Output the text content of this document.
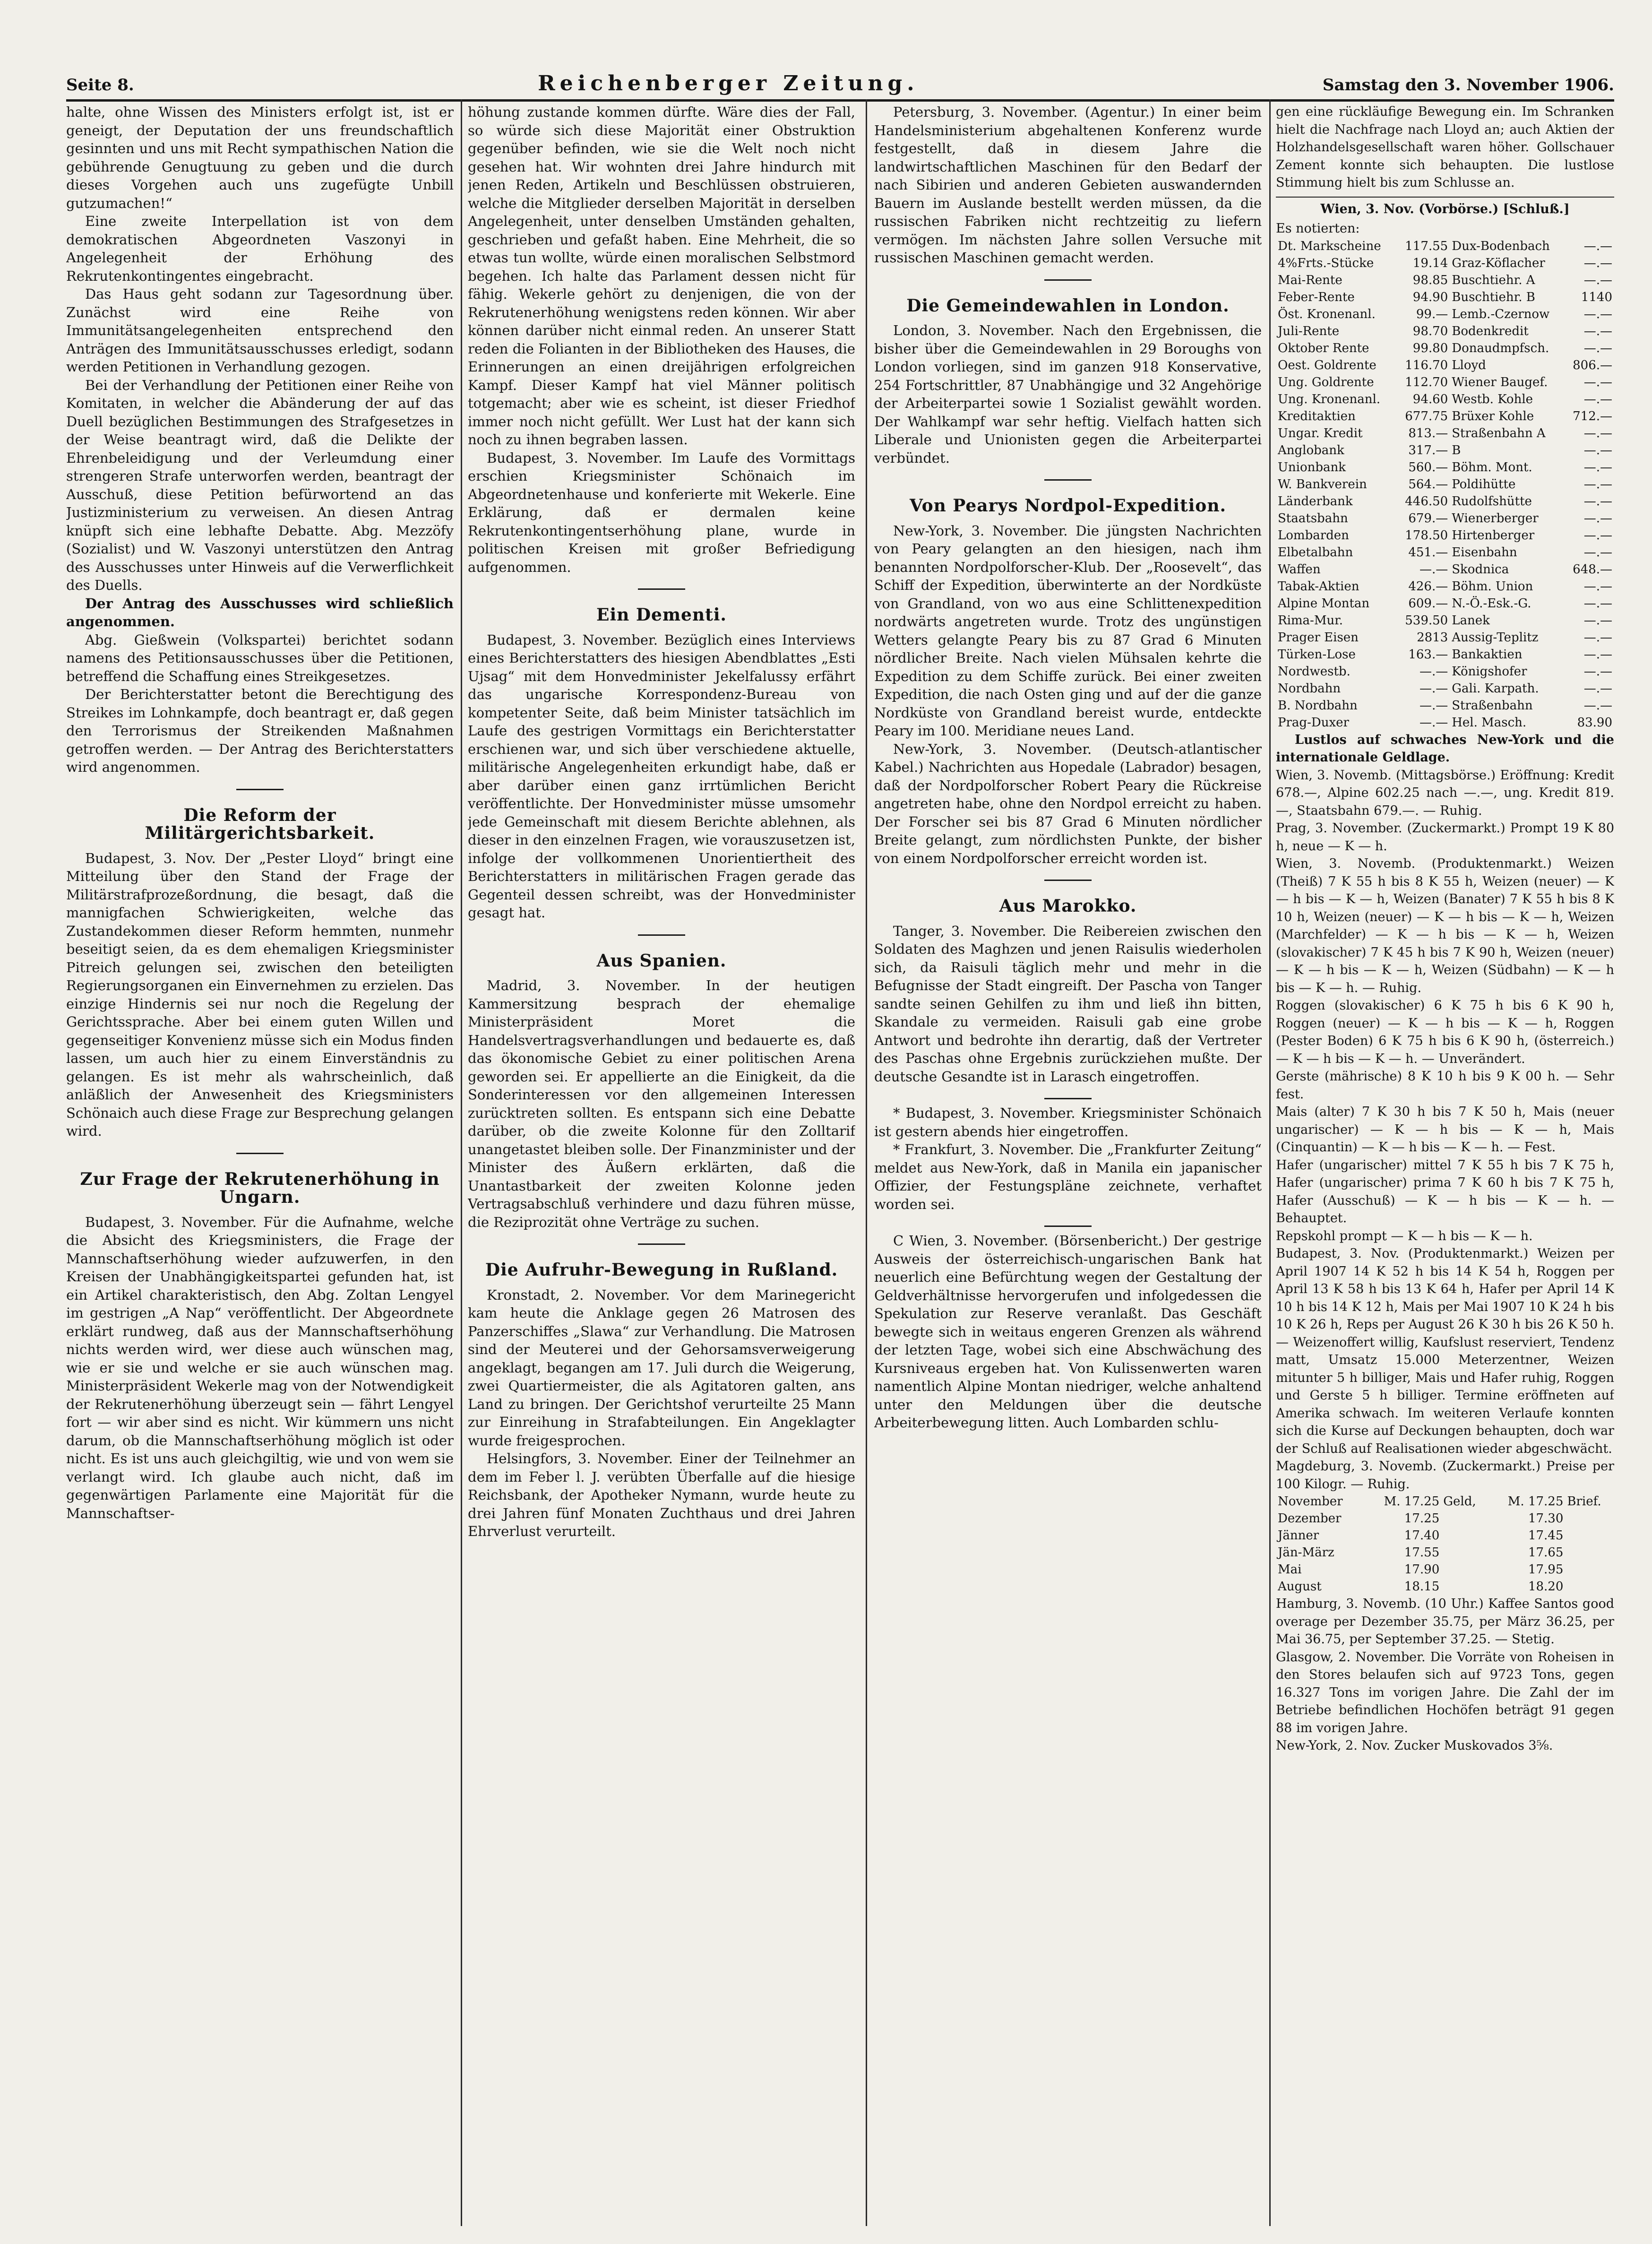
Seite 8.	Reichenberger Zeitung.	Samstag den 3. November 1906.

halte, ohne Wissen des Ministers erfolgt ist, ist er geneigt, der Deputation der uns freundschaftlich gesinnten und uns mit Recht sympathischen Nation die gebührende Genugtuung zu geben und die durch dieses Vorgehen auch uns zugefügte Unbill gutzumachen!“

Eine zweite Interpellation ist von dem demokratischen Abgeordneten Vaszonyi in Angelegenheit der Erhöhung des Rekrutenkontingentes eingebracht.

Das Haus geht sodann zur Tagesordnung über. Zunächst wird eine Reihe von Immunitätsangelegenheiten entsprechend den Anträgen des Immunitätsausschusses erledigt, sodann werden Petitionen in Verhandlung gezogen.

Bei der Verhandlung der Petitionen einer Reihe von Komitaten, in welcher die Abänderung der auf das Duell bezüglichen Bestimmungen des Strafgesetzes in der Weise beantragt wird, daß die Delikte der Ehrenbeleidigung und der Verleumdung einer strengeren Strafe unterworfen werden, beantragt der Ausschuß, diese Petition befürwortend an das Justizministerium zu verweisen. An diesen Antrag knüpft sich eine lebhafte Debatte. Abg. Mezzöfy (Sozialist) und W. Vaszonyi unterstützen den Antrag des Ausschusses unter Hinweis auf die Verwerflichkeit des Duells.

Der Antrag des Ausschusses wird schließlich angenommen.

Abg. Gießwein (Volkspartei) berichtet sodann namens des Petitionsausschusses über die Petitionen, betreffend die Schaffung eines Streikgesetzes.

Der Berichterstatter betont die Berechtigung des Streikes im Lohnkampfe, doch beantragt er, daß gegen den Terrorismus der Streikenden Maßnahmen getroffen werden. — Der Antrag des Berichterstatters wird angenommen.

Die Reform der Militärgerichtsbarkeit.

Budapest, 3. Nov. Der „Pester Lloyd“ bringt eine Mitteilung über den Stand der Frage der Militärstrafprozeßordnung, die besagt, daß die mannigfachen Schwierigkeiten, welche das Zustandekommen dieser Reform hemmten, nunmehr beseitigt seien, da es dem ehemaligen Kriegsminister Pitreich gelungen sei, zwischen den beteiligten Regierungsorganen ein Einvernehmen zu erzielen. Das einzige Hindernis sei nur noch die Regelung der Gerichtssprache. Aber bei einem guten Willen und gegenseitiger Konvenienz müsse sich ein Modus finden lassen, um auch hier zu einem Einverständnis zu gelangen. Es ist mehr als wahrscheinlich, daß anläßlich der Anwesenheit des Kriegsministers Schönaich auch diese Frage zur Besprechung gelangen wird.

Zur Frage der Rekrutenerhöhung in Ungarn.

Budapest, 3. November. Für die Aufnahme, welche die Absicht des Kriegsministers, die Frage der Mannschaftserhöhung wieder aufzuwerfen, in den Kreisen der Unabhängigkeitspartei gefunden hat, ist ein Artikel charakteristisch, den Abg. Zoltan Lengyel im gestrigen „A Nap“ veröffentlicht. Der Abgeordnete erklärt rundweg, daß aus der Mannschaftserhöhung nichts werden wird, wer diese auch wünschen mag, wie er sie und welche er sie auch wünschen mag. Ministerpräsident Wekerle mag von der Notwendigkeit der Rekrutenerhöhung überzeugt sein — fährt Lengyel fort — wir aber sind es nicht. Wir kümmern uns nicht darum, ob die Mannschaftserhöhung möglich ist oder nicht. Es ist uns auch gleichgiltig, wie und von wem sie verlangt wird. Ich glaube auch nicht, daß im gegenwärtigen Parlamente eine Majorität für die Mannschaftser-

höhung zustande kommen dürfte. Wäre dies der Fall, so würde sich diese Majorität einer Obstruktion gegenüber befinden, wie sie die Welt noch nicht gesehen hat. Wir wohnten drei Jahre hindurch mit jenen Reden, Artikeln und Beschlüssen obstruieren, welche die Mitglieder derselben Majorität in derselben Angelegenheit, unter denselben Umständen gehalten, geschrieben und gefaßt haben. Eine Mehrheit, die so etwas tun wollte, würde einen moralischen Selbstmord begehen. Ich halte das Parlament dessen nicht für fähig. Wekerle gehört zu denjenigen, die von der Rekrutenerhöhung wenigstens reden können. Wir aber können darüber nicht einmal reden. An unserer Statt reden die Folianten in der Bibliotheken des Hauses, die Erinnerungen an einen dreijährigen erfolgreichen Kampf. Dieser Kampf hat viel Männer politisch totgemacht; aber wie es scheint, ist dieser Friedhof immer noch nicht gefüllt. Wer Lust hat der kann sich noch zu ihnen begraben lassen.

Budapest, 3. November. Im Laufe des Vormittags erschien Kriegsminister Schönaich im Abgeordnetenhause und konferierte mit Wekerle. Eine Erklärung, daß er dermalen keine Rekrutenkontingentserhöhung plane, wurde in politischen Kreisen mit großer Befriedigung aufgenommen.

Ein Dementi.

Budapest, 3. November. Bezüglich eines Interviews eines Berichterstatters des hiesigen Abendblattes „Esti Ujsag“ mit dem Honvedminister Jekelfalussy erfährt das ungarische Korrespondenz-Bureau von kompetenter Seite, daß beim Minister tatsächlich im Laufe des gestrigen Vormittags ein Berichterstatter erschienen war, und sich über verschiedene aktuelle, militärische Angelegenheiten erkundigt habe, daß er aber darüber einen ganz irrtümlichen Bericht veröffentlichte. Der Honvedminister müsse umsomehr jede Gemeinschaft mit diesem Berichte ablehnen, als dieser in den einzelnen Fragen, wie vorauszusetzen ist, infolge der vollkommenen Unorientiertheit des Berichterstatters in militärischen Fragen gerade das Gegenteil dessen schreibt, was der Honvedminister gesagt hat.

Aus Spanien.

Madrid, 3. November. In der heutigen Kammersitzung besprach der ehemalige Ministerpräsident Moret die Handelsvertragsverhandlungen und bedauerte es, daß das ökonomische Gebiet zu einer politischen Arena geworden sei. Er appellierte an die Einigkeit, da die Sonderinteressen vor den allgemeinen Interessen zurücktreten sollten. Es entspann sich eine Debatte darüber, ob die zweite Kolonne für den Zolltarif unangetastet bleiben solle. Der Finanzminister und der Minister des Äußern erklärten, daß die Unantastbarkeit der zweiten Kolonne jeden Vertragsabschluß verhindere und dazu führen müsse, die Reziprozität ohne Verträge zu suchen.

Die Aufruhr-Bewegung in Rußland.

Kronstadt, 2. November. Vor dem Marinegericht kam heute die Anklage gegen 26 Matrosen des Panzerschiffes „Slawa“ zur Verhandlung. Die Matrosen sind der Meuterei und der Gehorsamsverweigerung angeklagt, begangen am 17. Juli durch die Weigerung, zwei Quartiermeister, die als Agitatoren galten, ans Land zu bringen. Der Gerichtshof verurteilte 25 Mann zur Einreihung in Strafabteilungen. Ein Angeklagter wurde freigesprochen.

Helsingfors, 3. November. Einer der Teilnehmer an dem im Feber l. J. verübten Überfalle auf die hiesige Reichsbank, der Apotheker Nymann, wurde heute zu drei Jahren fünf Monaten Zuchthaus und drei Jahren Ehrverlust verurteilt.

Petersburg, 3. November. (Agentur.) In einer beim Handelsministerium abgehaltenen Konferenz wurde festgestellt, daß in diesem Jahre die landwirtschaftlichen Maschinen für den Bedarf der nach Sibirien und anderen Gebieten auswandernden Bauern im Auslande bestellt werden müssen, da die russischen Fabriken nicht rechtzeitig zu liefern vermögen. Im nächsten Jahre sollen Versuche mit russischen Maschinen gemacht werden.

Die Gemeindewahlen in London.

London, 3. November. Nach den Ergebnissen, die bisher über die Gemeindewahlen in 29 Boroughs von London vorliegen, sind im ganzen 918 Konservative, 254 Fortschrittler, 87 Unabhängige und 32 Angehörige der Arbeiterpartei sowie 1 Sozialist gewählt worden. Der Wahlkampf war sehr heftig. Vielfach hatten sich Liberale und Unionisten gegen die Arbeiterpartei verbündet.

Von Pearys Nordpol-Expedition.

New-York, 3. November. Die jüngsten Nachrichten von Peary gelangten an den hiesigen, nach ihm benannten Nordpolforscher-Klub. Der „Roosevelt“, das Schiff der Expedition, überwinterte an der Nordküste von Grandland, von wo aus eine Schlittenexpedition nordwärts angetreten wurde. Trotz des ungünstigen Wetters gelangte Peary bis zu 87 Grad 6 Minuten nördlicher Breite. Nach vielen Mühsalen kehrte die Expedition zu dem Schiffe zurück. Bei einer zweiten Expedition, die nach Osten ging und auf der die ganze Nordküste von Grandland bereist wurde, entdeckte Peary im 100. Meridiane neues Land.

New-York, 3. November. (Deutsch-atlantischer Kabel.) Nachrichten aus Hopedale (Labrador) besagen, daß der Nordpolforscher Robert Peary die Rückreise angetreten habe, ohne den Nordpol erreicht zu haben. Der Forscher sei bis 87 Grad 6 Minuten nördlicher Breite gelangt, zum nördlichsten Punkte, der bisher von einem Nordpolforscher erreicht worden ist.

Aus Marokko.

Tanger, 3. November. Die Reibereien zwischen den Soldaten des Maghzen und jenen Raisulis wiederholen sich, da Raisuli täglich mehr und mehr in die Befugnisse der Stadt eingreift. Der Pascha von Tanger sandte seinen Gehilfen zu ihm und ließ ihn bitten, Skandale zu vermeiden. Raisuli gab eine grobe Antwort und bedrohte ihn derartig, daß der Vertreter des Paschas ohne Ergebnis zurückziehen mußte. Der deutsche Gesandte ist in Larasch eingetroffen.

* Budapest, 3. November. Kriegsminister Schönaich ist gestern abends hier eingetroffen.

* Frankfurt, 3. November. Die „Frankfurter Zeitung“ meldet aus New-York, daß in Manila ein japanischer Offizier, der Festungspläne zeichnete, verhaftet worden sei.

C Wien, 3. November. (Börsenbericht.) Der gestrige Ausweis der österreichisch-ungarischen Bank hat neuerlich eine Befürchtung wegen der Gestaltung der Geldverhältnisse hervorgerufen und infolgedessen die Spekulation zur Reserve veranlaßt. Das Geschäft bewegte sich in weitaus engeren Grenzen als während der letzten Tage, wobei sich eine Abschwächung des Kursniveaus ergeben hat. Von Kulissenwerten waren namentlich Alpine Montan niedriger, welche anhaltend unter den Meldungen über die deutsche Arbeiterbewegung litten. Auch Lombarden schlu-

gen eine rückläufige Bewegung ein. Im Schranken hielt die Nachfrage nach Lloyd an; auch Aktien der Holzhandelsgesellschaft waren höher. Gollschauer Zement konnte sich behaupten. Die lustlose Stimmung hielt bis zum Schlusse an.

Wien, 3. Nov. (Vorbörse.) [Schluß.]

Es notierten:

Dt. Markscheine	117.55	Dux-Bodenbach	—.—
4%Frts.-Stücke	19.14	Graz-Köflacher	—.—
Mai-Rente	98.85	Buschtiehr. A	—.—
Feber-Rente	94.90	Buschtiehr. B	1140
Öst. Kronenanl.	99.—	Lemb.-Czernow	—.—
Juli-Rente	98.70	Bodenkredit	—.—
Oktober Rente	99.80	Donaudmpfsch.	—.—
Oest. Goldrente	116.70	Lloyd	806.—
Ung. Goldrente	112.70	Wiener Baugef.	—.—
Ung. Kronenanl.	94.60	Westb. Kohle	—.—
Kreditaktien	677.75	Brüxer Kohle	712.—
Ungar. Kredit	813.—	Straßenbahn A	—.—
Anglobank	317.—	B	—.—
Unionbank	560.—	Böhm. Mont.	—.—
W. Bankverein	564.—	Poldihütte	—.—
Länderbank	446.50	Rudolfshütte	—.—
Staatsbahn	679.—	Wienerberger	—.—
Lombarden	178.50	Hirtenberger	—.—
Elbetalbahn	451.—	Eisenbahn	—.—
Waffen	—.—	Skodnica	648.—
Tabak-Aktien	426.—	Böhm. Union	—.—
Alpine Montan	609.—	N.-Ö.-Esk.-G.	—.—
Rima-Mur.	539.50	Lanek	—.—
Prager Eisen	2813	Aussig-Teplitz	—.—
Türken-Lose	163.—	Bankaktien	—.—
Nordwestb.	—.—	Königshofer	—.—
Nordbahn	—.—	Gali. Karpath.	—.—
B. Nordbahn	—.—	Straßenbahn	—.—
Prag-Duxer	—.—	Hel. Masch.	83.90

Lustlos auf schwaches New-York und die internationale Geldlage.

Wien, 3. Novemb. (Mittagsbörse.) Eröffnung: Kredit 678.—, Alpine 602.25 nach —.—, ung. Kredit 819.—, Staatsbahn 679.—. — Ruhig.

Prag, 3. November. (Zuckermarkt.) Prompt 19 K 80 h, neue — K — h.

Wien, 3. Novemb. (Produktenmarkt.) Weizen (Theiß) 7 K 55 h bis 8 K 55 h, Weizen (neuer) — K — h bis — K — h, Weizen (Banater) 7 K 55 h bis 8 K 10 h, Weizen (neuer) — K — h bis — K — h, Weizen (Marchfelder) — K — h bis — K — h, Weizen (slovakischer) 7 K 45 h bis 7 K 90 h, Weizen (neuer) — K — h bis — K — h, Weizen (Südbahn) — K — h bis — K — h. — Ruhig.

Roggen (slovakischer) 6 K 75 h bis 6 K 90 h, Roggen (neuer) — K — h bis — K — h, Roggen (Pester Boden) 6 K 75 h bis 6 K 90 h, (österreich.) — K — h bis — K — h. — Unverändert.

Gerste (mährische) 8 K 10 h bis 9 K 00 h. — Sehr fest.

Mais (alter) 7 K 30 h bis 7 K 50 h, Mais (neuer ungarischer) — K — h bis — K — h, Mais (Cinquantin) — K — h bis — K — h. — Fest.

Hafer (ungarischer) mittel 7 K 55 h bis 7 K 75 h, Hafer (ungarischer) prima 7 K 60 h bis 7 K 75 h, Hafer (Ausschuß) — K — h bis — K — h. — Behauptet.

Repskohl prompt — K — h bis — K — h.

Budapest, 3. Nov. (Produktenmarkt.) Weizen per April 1907 14 K 52 h bis 14 K 54 h, Roggen per April 13 K 58 h bis 13 K 64 h, Hafer per April 14 K 10 h bis 14 K 12 h, Mais per Mai 1907 10 K 24 h bis 10 K 26 h, Reps per August 26 K 30 h bis 26 K 50 h. — Weizenoffert willig, Kaufslust reserviert, Tendenz matt, Umsatz 15.000 Meterzentner, Weizen mitunter 5 h billiger, Mais und Hafer ruhig, Roggen und Gerste 5 h billiger. Termine eröffneten auf Amerika schwach. Im weiteren Verlaufe konnten sich die Kurse auf Deckungen behaupten, doch war der Schluß auf Realisationen wieder abgeschwächt.

Magdeburg, 3. Novemb. (Zuckermarkt.) Preise per 100 Kilogr. — Ruhig.

November	M. 17.25	Geld,	M. 17.25	Brief.
Dezember	17.25		17.30	
Jänner	17.40		17.45	
Jän-März	17.55		17.65	
Mai	17.90		17.95	
August	18.15		18.20	

Hamburg, 3. Novemb. (10 Uhr.) Kaffee Santos good overage per Dezember 35.75, per März 36.25, per Mai 36.75, per September 37.25. — Stetig.

Glasgow, 2. November. Die Vorräte von Roheisen in den Stores belaufen sich auf 9723 Tons, gegen 16.327 Tons im vorigen Jahre. Die Zahl der im Betriebe befindlichen Hochöfen beträgt 91 gegen 88 im vorigen Jahre.

New-York, 2. Nov. Zucker Muskovados 3⅝.
